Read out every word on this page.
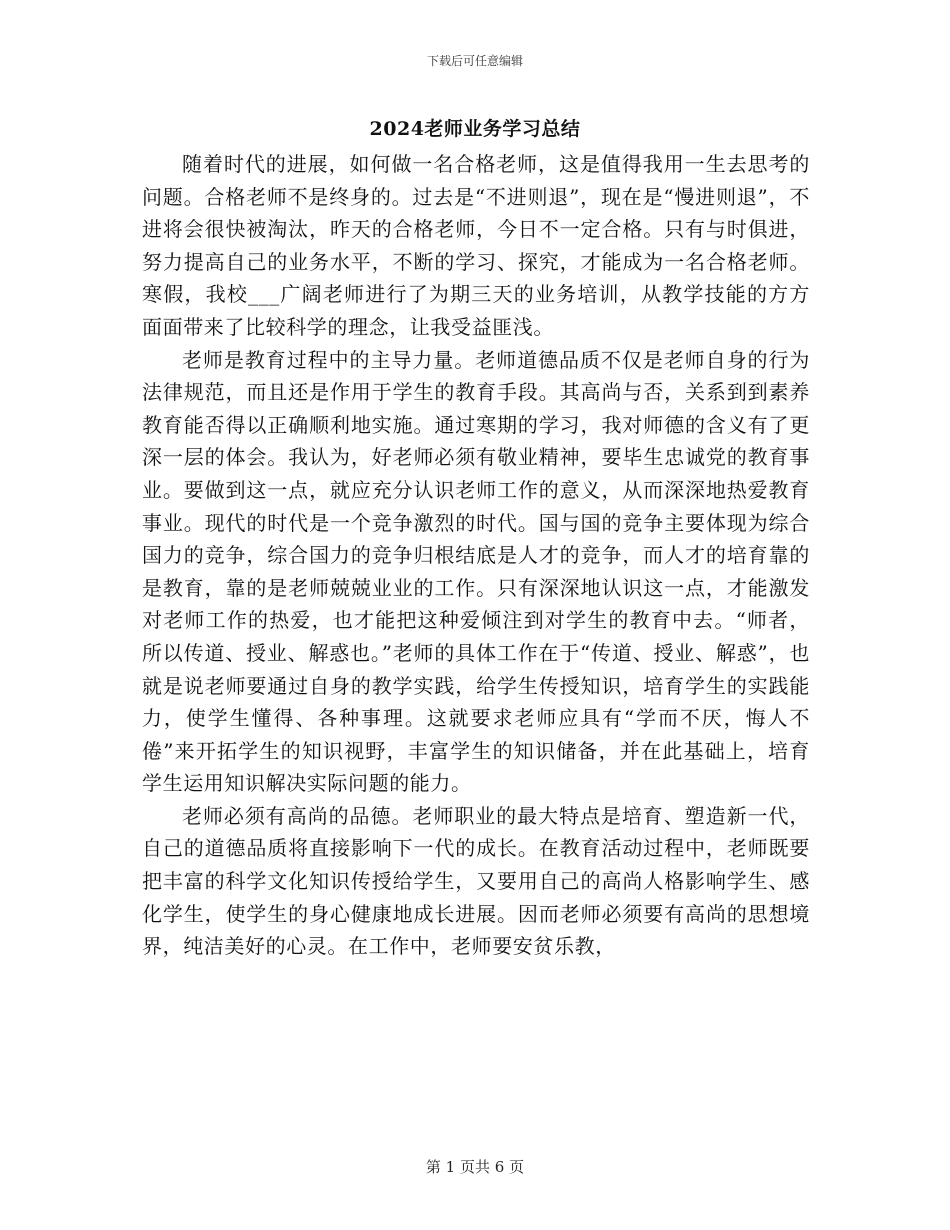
下载后可任意编辑
2024老师业务学习总结

随着时代的进展，如何做一名合格老师，这是值得我用一生去思考的问题。合格老师不是终身的。过去是“不进则退”，现在是“慢进则退”，不进将会很快被淘汰，昨天的合格老师，今日不一定合格。只有与时俱进，努力提高自己的业务水平，不断的学习、探究，才能成为一名合格老师。寒假，我校___广阔老师进行了为期三天的业务培训，从教学技能的方方面面带来了比较科学的理念，让我受益匪浅。

老师是教育过程中的主导力量。老师道德品质不仅是老师自身的行为法律规范，而且还是作用于学生的教育手段。其高尚与否，关系到到素养教育能否得以正确顺利地实施。通过寒期的学习，我对师德的含义有了更深一层的体会。我认为，好老师必须有敬业精神，要毕生忠诚党的教育事业。要做到这一点，就应充分认识老师工作的意义，从而深深地热爱教育事业。现代的时代是一个竞争激烈的时代。国与国的竞争主要体现为综合国力的竞争，综合国力的竞争归根结底是人才的竞争，而人才的培育靠的是教育，靠的是老师兢兢业业的工作。只有深深地认识这一点，才能激发对老师工作的热爱，也才能把这种爱倾注到对学生的教育中去。“师者，所以传道、授业、解惑也。”老师的具体工作在于“传道、授业、解惑”，也就是说老师要通过自身的教学实践，给学生传授知识，培育学生的实践能力，使学生懂得、各种事理。这就要求老师应具有“学而不厌，悔人不倦”来开拓学生的知识视野，丰富学生的知识储备，并在此基础上，培育学生运用知识解决实际问题的能力。

老师必须有高尚的品德。老师职业的最大特点是培育、塑造新一代，自己的道德品质将直接影响下一代的成长。在教育活动过程中，老师既要把丰富的科学文化知识传授给学生，又要用自己的高尚人格影响学生、感化学生，使学生的身心健康地成长进展。因而老师必须要有高尚的思想境界，纯洁美好的心灵。在工作中，老师要安贫乐教，

第 1 页共 6 页
